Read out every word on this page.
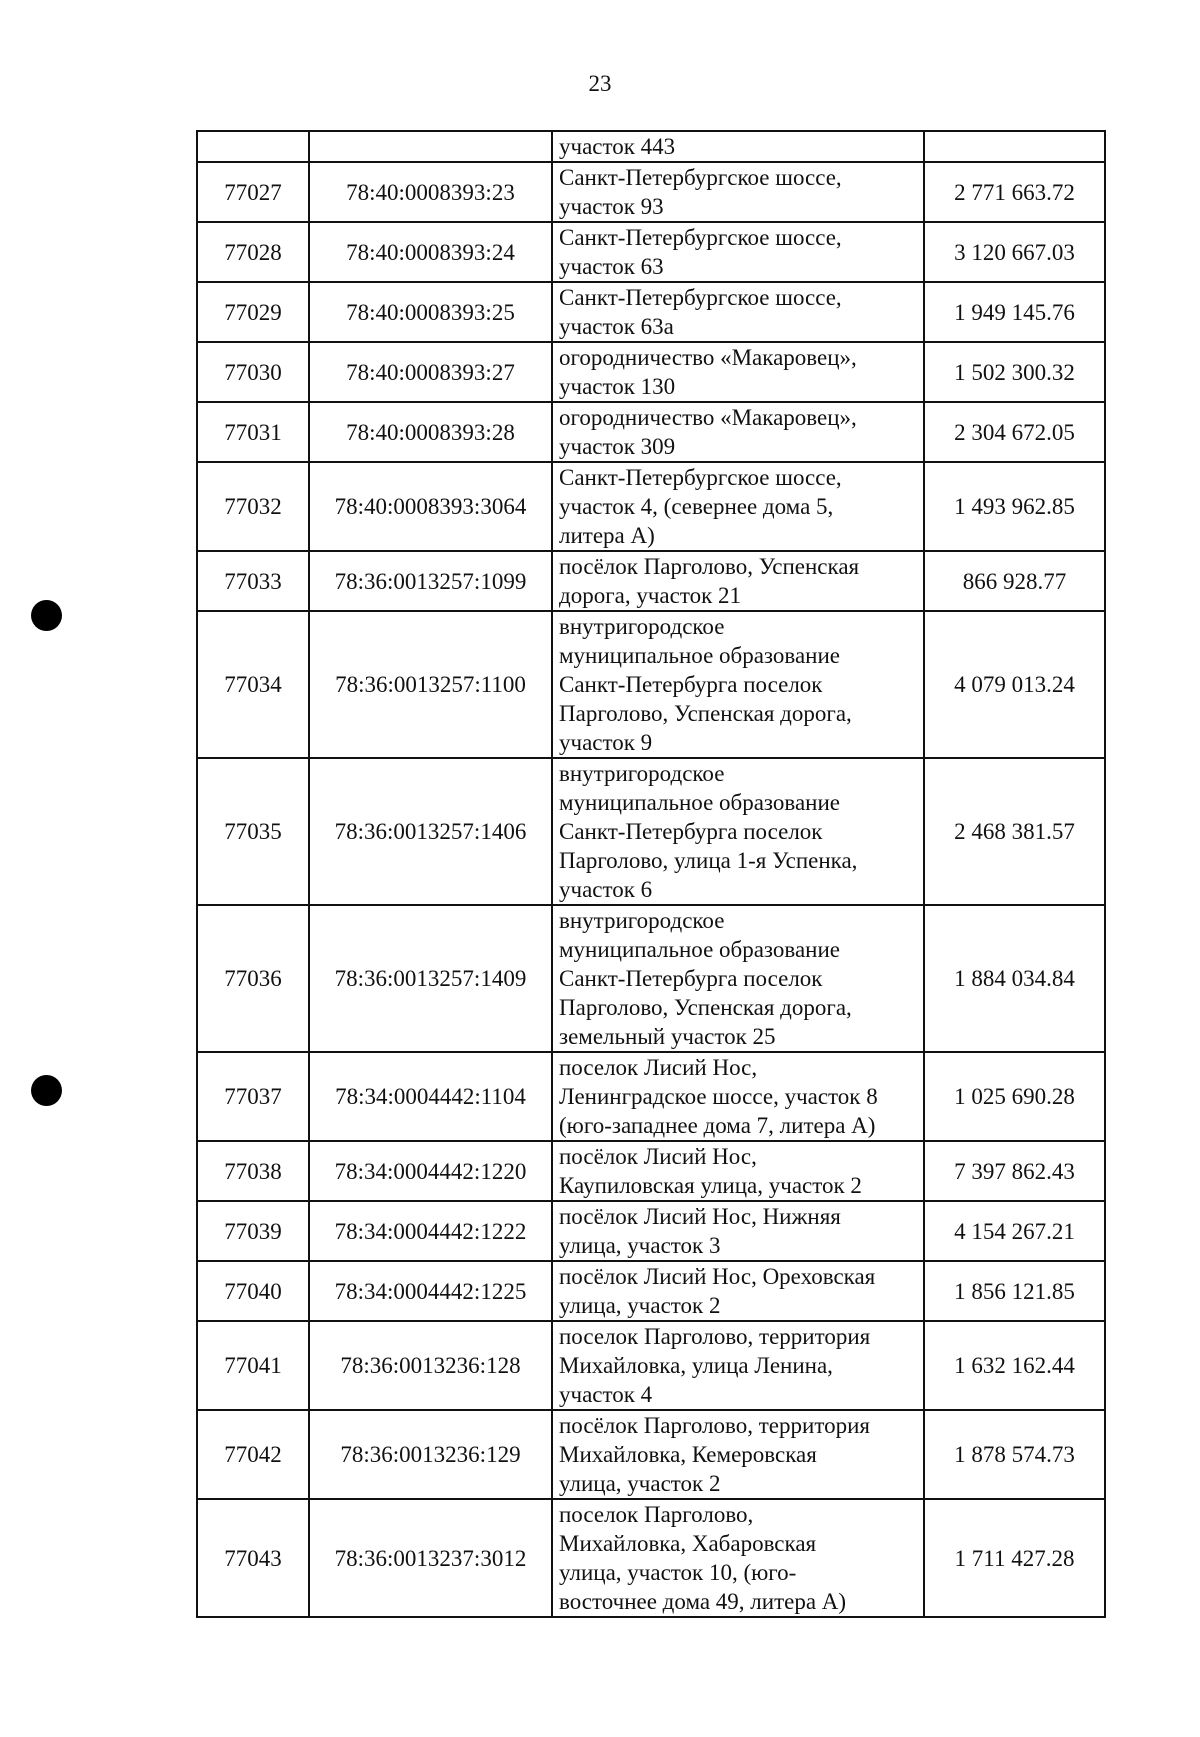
23
		участок 443	
77027	78:40:0008393:23	Санкт-Петербургское шоссе,
участок 93	2 771 663.72
77028	78:40:0008393:24	Санкт-Петербургское шоссе,
участок 63	3 120 667.03
77029	78:40:0008393:25	Санкт-Петербургское шоссе,
участок 63а	1 949 145.76
77030	78:40:0008393:27	огородничество «Макаровец»,
участок 130	1 502 300.32
77031	78:40:0008393:28	огородничество «Макаровец»,
участок 309	2 304 672.05
77032	78:40:0008393:3064	Санкт-Петербургское шоссе,
участок 4, (севернее дома 5,
литера А)	1 493 962.85
77033	78:36:0013257:1099	посёлок Парголово, Успенская
дорога, участок 21	866 928.77
77034	78:36:0013257:1100	внутригородское
муниципальное образование
Санкт-Петербурга поселок
Парголово, Успенская дорога,
участок 9	4 079 013.24
77035	78:36:0013257:1406	внутригородское
муниципальное образование
Санкт-Петербурга поселок
Парголово, улица 1-я Успенка,
участок 6	2 468 381.57
77036	78:36:0013257:1409	внутригородское
муниципальное образование
Санкт-Петербурга поселок
Парголово, Успенская дорога,
земельный участок 25	1 884 034.84
77037	78:34:0004442:1104	поселок Лисий Нос,
Ленинградское шоссе, участок 8
(юго-западнее дома 7, литера А)	1 025 690.28
77038	78:34:0004442:1220	посёлок Лисий Нос,
Каупиловская улица, участок 2	7 397 862.43
77039	78:34:0004442:1222	посёлок Лисий Нос, Нижняя
улица, участок 3	4 154 267.21
77040	78:34:0004442:1225	посёлок Лисий Нос, Ореховская
улица, участок 2	1 856 121.85
77041	78:36:0013236:128	поселок Парголово, территория
Михайловка, улица Ленина,
участок 4	1 632 162.44
77042	78:36:0013236:129	посёлок Парголово, территория
Михайловка, Кемеровская
улица, участок 2	1 878 574.73
77043	78:36:0013237:3012	поселок Парголово,
Михайловка, Хабаровская
улица, участок 10, (юго-
восточнее дома 49, литера А)	1 711 427.28
